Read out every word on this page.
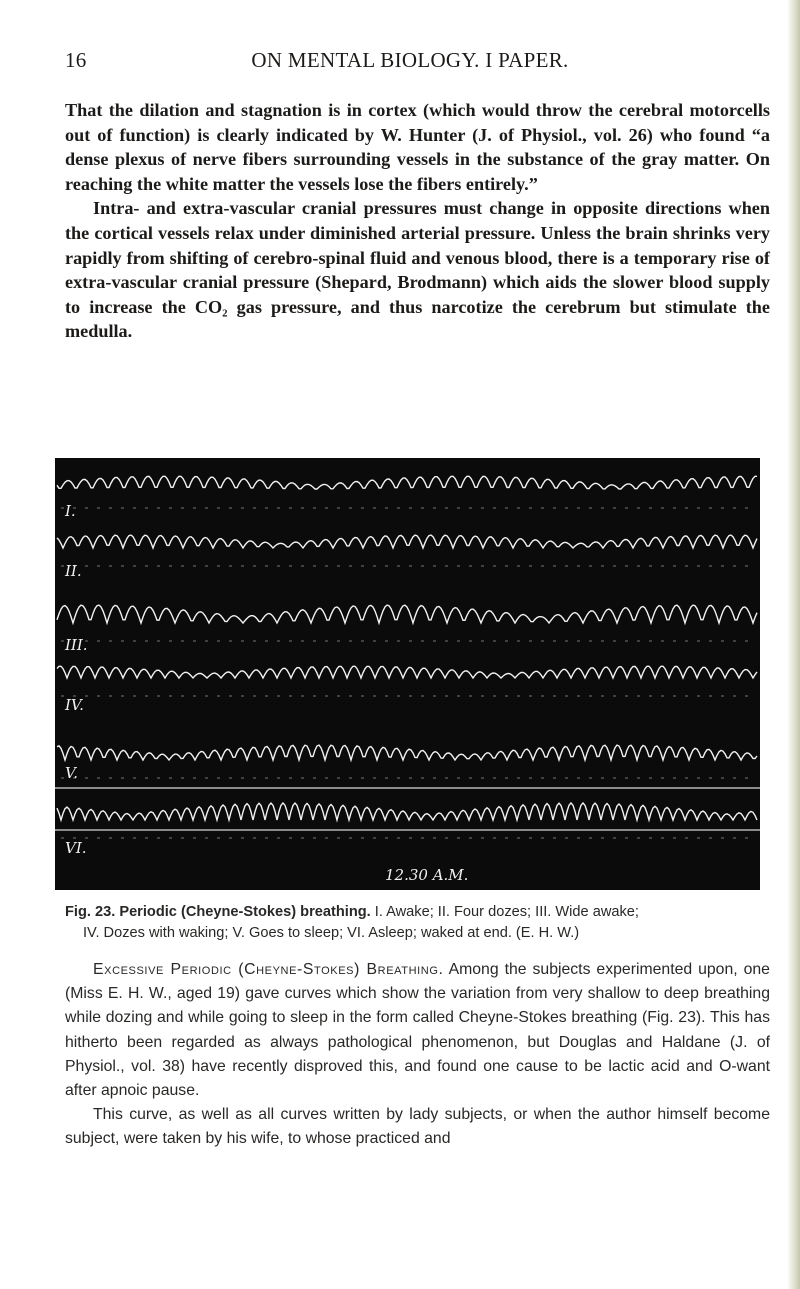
16	ON MENTAL BIOLOGY. I PAPER.

That the dilation and stagnation is in cortex (which would throw the cerebral motorcells out of function) is clearly indicated by W. Hunter (J. of Physiol., vol. 26) who found “a dense plexus of nerve fibers surrounding vessels in the substance of the gray matter. On reaching the white matter the vessels lose the fibers entirely.”

Intra- and extra-vascular cranial pressures must change in opposite directions when the cortical vessels relax under diminished arterial pressure. Unless the brain shrinks very rapidly from shifting of cerebro-spinal fluid and venous blood, there is a temporary rise of extra-vascular cranial pressure (Shepard, Brodmann) which aids the slower blood supply to increase the CO₂ gas pressure, and thus narcotize the cerebrum but stimulate the medulla.

I.
II.
III.
IV.
V.
VI.
12.30 A.M.
Fig. 23. Periodic (Cheyne-Stokes) breathing. I. Awake; II. Four dozes; III. Wide awake;
IV. Dozes with waking; V. Goes to sleep; VI. Asleep; waked at end. (E. H. W.)

Excessive Periodic (Cheyne-Stokes) Breathing. Among the subjects experimented upon, one (Miss E. H. W., aged 19) gave curves which show the variation from very shallow to deep breathing while dozing and while going to sleep in the form called Cheyne-Stokes breathing (Fig. 23). This has hitherto been regarded as always pathological phenomenon, but Douglas and Haldane (J. of Physiol., vol. 38) have recently disproved this, and found one cause to be lactic acid and O-want after apnoic pause.

This curve, as well as all curves written by lady subjects, or when the author himself become subject, were taken by his wife, to whose practiced and
